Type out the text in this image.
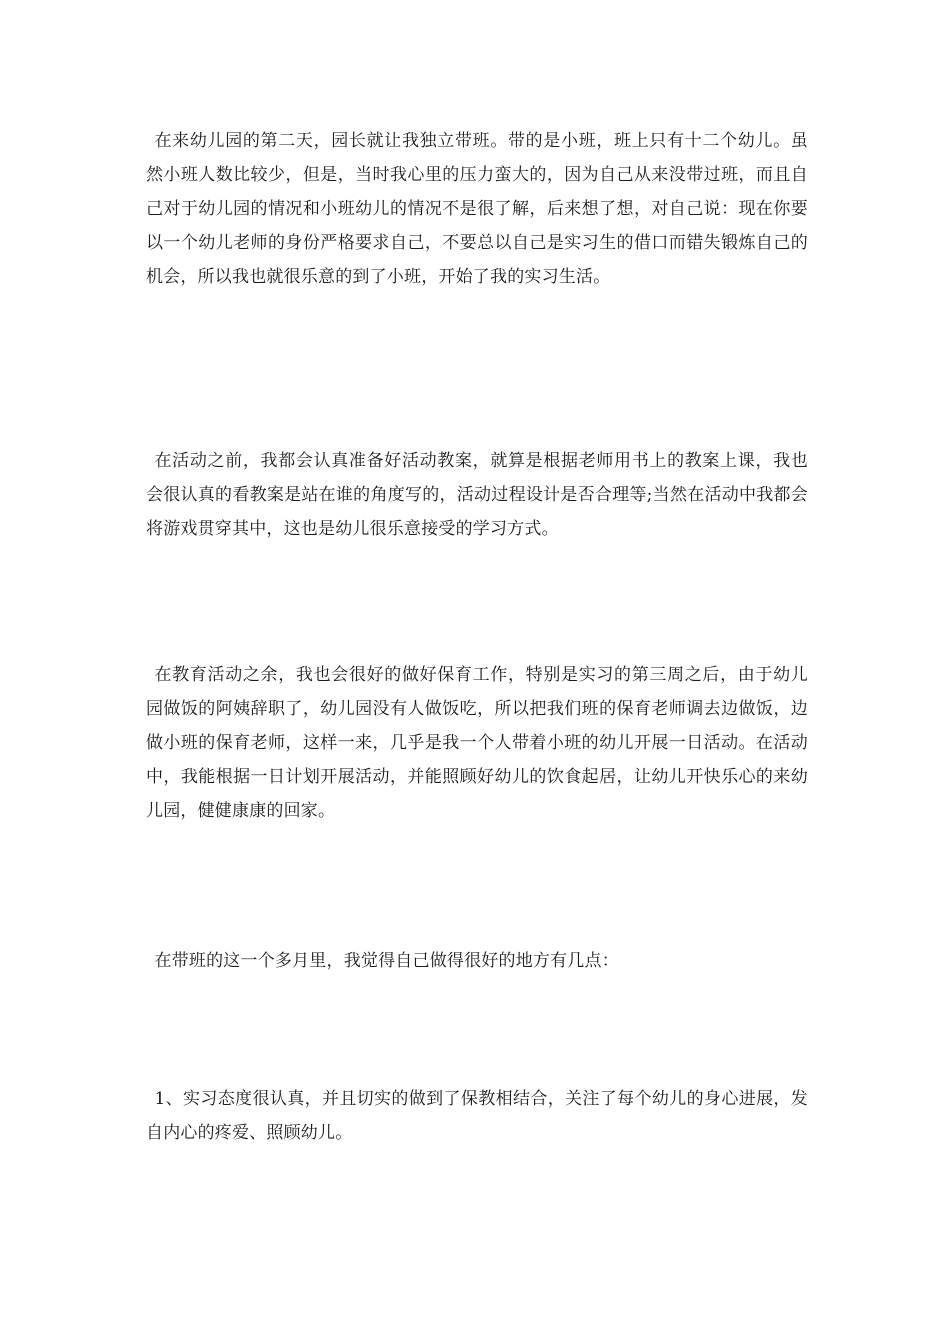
在来幼儿园的第二天，园长就让我独立带班。带的是小班，班上只有十二个幼儿。虽然小班人数比较少，但是，当时我心里的压力蛮大的，因为自己从来没带过班，而且自己对于幼儿园的情况和小班幼儿的情况不是很了解，后来想了想，对自己说：现在你要以一个幼儿老师的身份严格要求自己，不要总以自己是实习生的借口而错失锻炼自己的机会，所以我也就很乐意的到了小班，开始了我的实习生活。

在活动之前，我都会认真准备好活动教案，就算是根据老师用书上的教案上课，我也会很认真的看教案是站在谁的角度写的，活动过程设计是否合理等;当然在活动中我都会将游戏贯穿其中，这也是幼儿很乐意接受的学习方式。

在教育活动之余，我也会很好的做好保育工作，特别是实习的第三周之后，由于幼儿园做饭的阿姨辞职了，幼儿园没有人做饭吃，所以把我们班的保育老师调去边做饭，边做小班的保育老师，这样一来，几乎是我一个人带着小班的幼儿开展一日活动。在活动中，我能根据一日计划开展活动，并能照顾好幼儿的饮食起居，让幼儿开快乐心的来幼儿园，健健康康的回家。

在带班的这一个多月里，我觉得自己做得很好的地方有几点：

1、实习态度很认真，并且切实的做到了保教相结合，关注了每个幼儿的身心进展，发自内心的疼爱、照顾幼儿。
